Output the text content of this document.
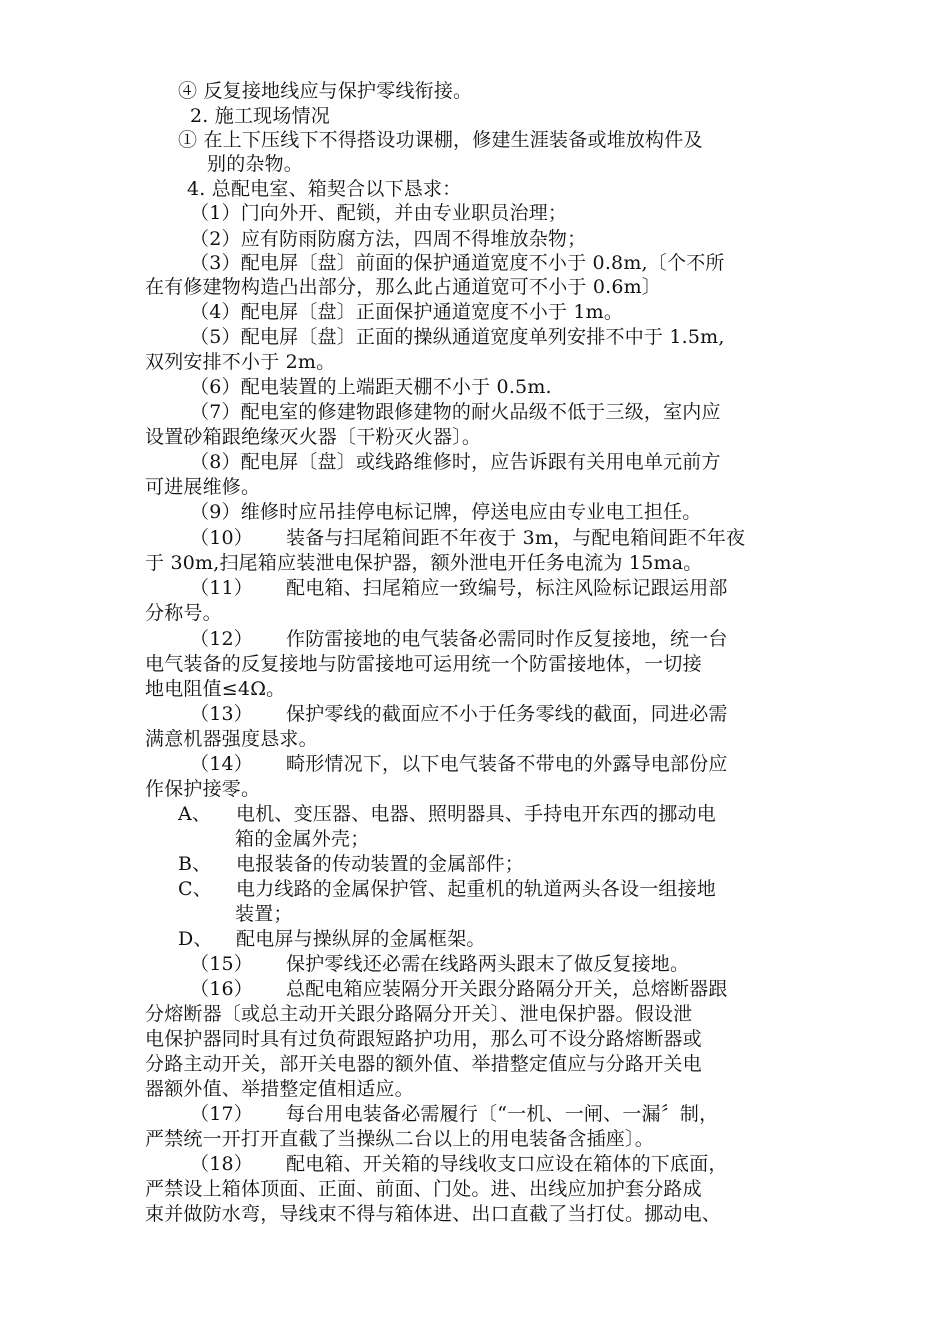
④ 反复接地线应与保护零线衔接。
2. 施工现场情况
① 在上下压线下不得搭设功课棚，修建生涯装备或堆放构件及
别的杂物。
4. 总配电室、箱契合以下恳求：
（1）门向外开、配锁，并由专业职员治理；
（2）应有防雨防腐方法，四周不得堆放杂物；
（3）配电屏〔盘〕前面的保护通道宽度不小于 0.8m,〔个不所
在有修建物构造凸出部分，那么此占通道宽可不小于 0.6m〕
（4）配电屏〔盘〕正面保护通道宽度不小于 1m。
（5）配电屏〔盘〕正面的操纵通道宽度单列安排不中于 1.5m,
双列安排不小于 2m。
（6）配电装置的上端距天棚不小于 0.5m.
（7）配电室的修建物跟修建物的耐火品级不低于三级，室内应
设置砂箱跟绝缘灭火器〔干粉灭火器〕。
（8）配电屏〔盘〕或线路维修时，应告诉跟有关用电单元前方
可进展维修。
（9）维修时应吊挂停电标记牌，停送电应由专业电工担任。
（10） 装备与扫尾箱间距不年夜于 3m，与配电箱间距不年夜
于 30m,扫尾箱应装泄电保护器，额外泄电开任务电流为 15ma。
（11） 配电箱、扫尾箱应一致编号，标注风险标记跟运用部
分称号。
（12） 作防雷接地的电气装备必需同时作反复接地，统一台
电气装备的反复接地与防雷接地可运用统一个防雷接地体，一切接
地电阻值≤4Ω。
（13） 保护零线的截面应不小于任务零线的截面，同进必需
满意机器强度恳求。
（14） 畸形情况下，以下电气装备不带电的外露导电部份应
作保护接零。
A、 电机、变压器、电器、照明器具、手持电开东西的挪动电
箱的金属外壳；
B、 电报装备的传动装置的金属部件；
C、 电力线路的金属保护管、起重机的轨道两头各设一组接地
装置；
D、 配电屏与操纵屏的金属框架。
（15） 保护零线还必需在线路两头跟末了做反复接地。
（16） 总配电箱应装隔分开关跟分路隔分开关，总熔断器跟
分熔断器〔或总主动开关跟分路隔分开关〕、泄电保护器。假设泄
电保护器同时具有过负荷跟短路护功用，那么可不设分路熔断器或
分路主动开关，部开关电器的额外值、举措整定值应与分路开关电
器额外值、举措整定值相适应。
（17） 每台用电装备必需履行〔“一机、一闸、一漏〞制，
严禁统一开打开直截了当操纵二台以上的用电装备含插座〕。
（18） 配电箱、开关箱的导线收支口应设在箱体的下底面，
严禁设上箱体顶面、正面、前面、门处。进、出线应加护套分路成
束并做防水弯，导线束不得与箱体进、出口直截了当打仗。挪动电、
